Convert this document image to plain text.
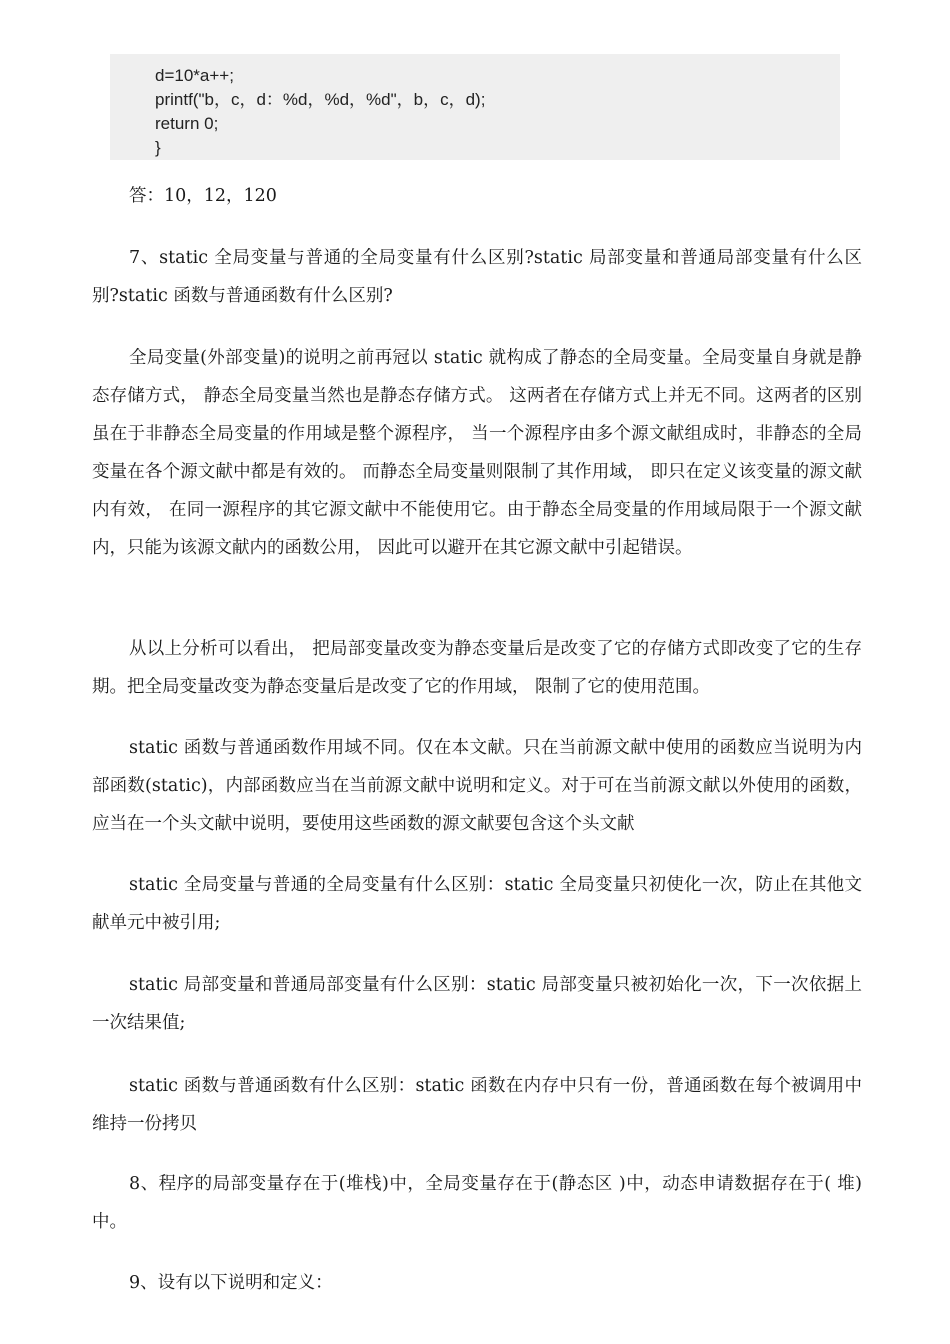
d=10*a++;
printf("b，c，d：%d，%d，%d"，b，c，d);
return 0;
}

答：10，12，120

7、static 全局变量与普通的全局变量有什么区别?static 局部变量和普通局部变量有什么区别?static 函数与普通函数有什么区别?

全局变量(外部变量)的说明之前再冠以 static 就构成了静态的全局变量。全局变量自身就是静态存储方式， 静态全局变量当然也是静态存储方式。 这两者在存储方式上并无不同。这两者的区别虽在于非静态全局变量的作用域是整个源程序， 当一个源程序由多个源文献组成时，非静态的全局变量在各个源文献中都是有效的。 而静态全局变量则限制了其作用域， 即只在定义该变量的源文献内有效， 在同一源程序的其它源文献中不能使用它。由于静态全局变量的作用域局限于一个源文献内，只能为该源文献内的函数公用， 因此可以避开在其它源文献中引起错误。

从以上分析可以看出， 把局部变量改变为静态变量后是改变了它的存储方式即改变了它的生存期。把全局变量改变为静态变量后是改变了它的作用域， 限制了它的使用范围。

static 函数与普通函数作用域不同。仅在本文献。只在当前源文献中使用的函数应当说明为内部函数(static)，内部函数应当在当前源文献中说明和定义。对于可在当前源文献以外使用的函数，应当在一个头文献中说明，要使用这些函数的源文献要包含这个头文献

static 全局变量与普通的全局变量有什么区别：static 全局变量只初使化一次，防止在其他文献单元中被引用;

static 局部变量和普通局部变量有什么区别：static 局部变量只被初始化一次，下一次依据上一次结果值;

static 函数与普通函数有什么区别：static 函数在内存中只有一份，普通函数在每个被调用中维持一份拷贝

8、程序的局部变量存在于(堆栈)中，全局变量存在于(静态区 )中，动态申请数据存在于( 堆)中。

9、设有以下说明和定义：
